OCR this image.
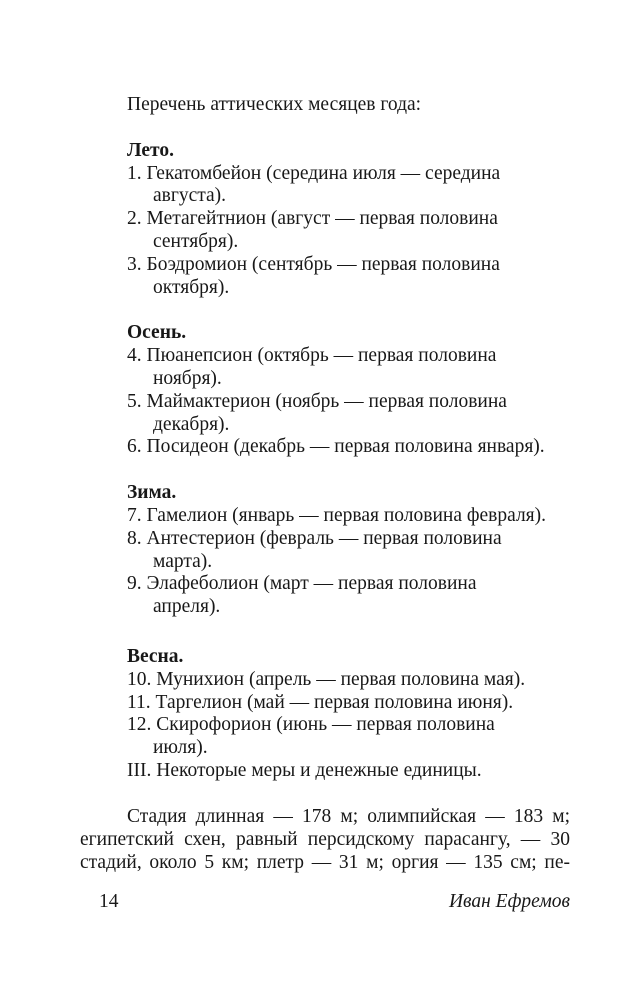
Перечень аттических месяцев года:

Лето.

1. Гекатомбейон (середина июля — середина

августа).

2. Метагейтнион (август — первая половина

сентября).

3. Боэдромион (сентябрь — первая половина

октября).

Осень.

4. Пюанепсион (октябрь — первая половина

ноября).

5. Маймактерион (ноябрь — первая половина

декабря).

6. Посидеон (декабрь — первая половина января).

Зима.

7. Гамелион (январь — первая половина февраля).

8. Антестерион (февраль — первая половина

марта).

9. Элафеболион (март — первая половина

апреля).

Весна.

10. Мунихион (апрель — первая половина мая).

11. Таргелион (май — первая половина июня).

12. Скирофорион (июнь — первая половина

июля).

III. Некоторые меры и денежные единицы.

Стадия длинная — 178 м; олимпийская — 183 м;

египетский схен, равный персидскому парасангу, — 30

стадий, около 5 км; плетр — 31 м; оргия — 135 см; пе-

14	Иван Ефремов
